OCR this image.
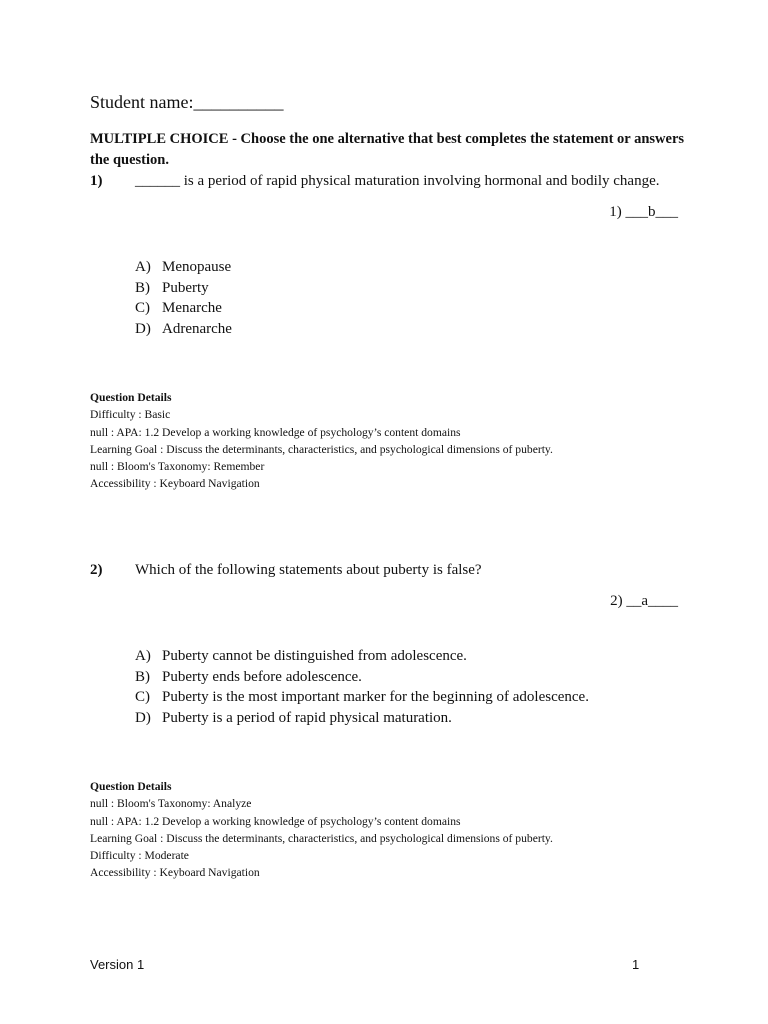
Student name:__________
MULTIPLE CHOICE - Choose the one alternative that best completes the statement or answers the question.
1) ______ is a period of rapid physical maturation involving hormonal and bodily change.
1) ___b___
A) Menopause
B) Puberty
C) Menarche
D) Adrenarche
Question Details
Difficulty : Basic
null : APA: 1.2 Develop a working knowledge of psychology’s content domains
Learning Goal : Discuss the determinants, characteristics, and psychological dimensions of puberty.
null : Bloom's Taxonomy: Remember
Accessibility : Keyboard Navigation
2) Which of the following statements about puberty is false?
2) __a____
A) Puberty cannot be distinguished from adolescence.
B) Puberty ends before adolescence.
C) Puberty is the most important marker for the beginning of adolescence.
D) Puberty is a period of rapid physical maturation.
Question Details
null : Bloom's Taxonomy: Analyze
null : APA: 1.2 Develop a working knowledge of psychology’s content domains
Learning Goal : Discuss the determinants, characteristics, and psychological dimensions of puberty.
Difficulty : Moderate
Accessibility : Keyboard Navigation
Version 1	1
